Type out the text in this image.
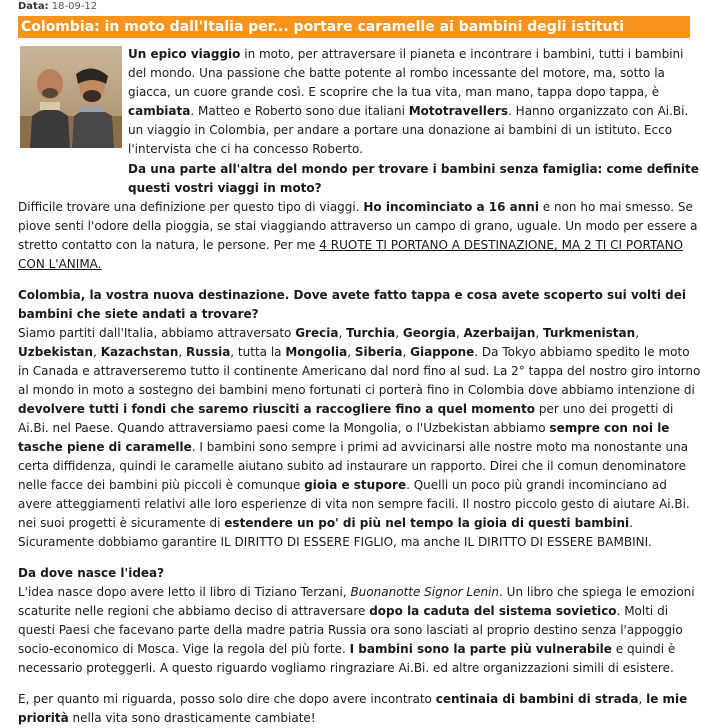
Data: 18-09-12
Colombia: in moto dall'Italia per... portare caramelle ai bambini degli istituti
Un epico viaggio in moto, per attraversare il pianeta e incontrare i bambini, tutti i bambini del mondo. Una passione che batte potente al rombo incessante del motore, ma, sotto la giacca, un cuore grande così. E scoprire che la tua vita, man mano, tappa dopo tappa, è cambiata. Matteo e Roberto sono due italiani Mototravellers. Hanno organizzato con Ai.Bi. un viaggio in Colombia, per andare a portare una donazione ai bambini di un istituto. Ecco l'intervista che ci ha concesso Roberto.
Da una parte all'altra del mondo per trovare i bambini senza famiglia: come definite questi vostri viaggi in moto?
Difficile trovare una definizione per questo tipo di viaggi. Ho incominciato a 16 anni e non ho mai smesso. Se piove senti l'odore della pioggia, se stai viaggiando attraverso un campo di grano, uguale. Un modo per essere a stretto contatto con la natura, le persone. Per me 4 RUOTE TI PORTANO A DESTINAZIONE, MA 2 TI CI PORTANO CON L'ANIMA.
Colombia, la vostra nuova destinazione. Dove avete fatto tappa e cosa avete scoperto sui volti dei bambini che siete andati a trovare?
Siamo partiti dall'Italia, abbiamo attraversato Grecia, Turchia, Georgia, Azerbaijan, Turkmenistan, Uzbekistan, Kazachstan, Russia, tutta la Mongolia, Siberia, Giappone. Da Tokyo abbiamo spedito le moto in Canada e attraverseremo tutto il continente Americano dal nord fino al sud. La 2° tappa del nostro giro intorno al mondo in moto a sostegno dei bambini meno fortunati ci porterà fino in Colombia dove abbiamo intenzione di devolvere tutti i fondi che saremo riusciti a raccogliere fino a quel momento per uno dei progetti di Ai.Bi. nel Paese. Quando attraversiamo paesi come la Mongolia, o l'Uzbekistan abbiamo sempre con noi le tasche piene di caramelle. I bambini sono sempre i primi ad avvicinarsi alle nostre moto ma nonostante una certa diffidenza, quindi le caramelle aiutano subito ad instaurare un rapporto. Direi che il comun denominatore nelle facce dei bambini più piccoli è comunque gioia e stupore. Quelli un poco più grandi incominciano ad avere atteggiamenti relativi alle loro esperienze di vita non sempre facili. Il nostro piccolo gesto di aiutare Ai.Bi. nei suoi progetti è sicuramente di estendere un po' di più nel tempo la gioia di questi bambini. Sicuramente dobbiamo garantire IL DIRITTO DI ESSERE FIGLIO, ma anche IL DIRITTO DI ESSERE BAMBINI.
Da dove nasce l'idea?
L'idea nasce dopo avere letto il libro di Tiziano Terzani, Buonanotte Signor Lenin. Un libro che spiega le emozioni scaturite nelle regioni che abbiamo deciso di attraversare dopo la caduta del sistema sovietico. Molti di questi Paesi che facevano parte della madre patria Russia ora sono lasciati al proprio destino senza l'appoggio socio-economico di Mosca. Vige la regola del più forte. I bambini sono la parte più vulnerabile e quindi è necessario proteggerli. A questo riguardo vogliamo ringraziare Ai.Bi. ed altre organizzazioni simili di esistere.
E, per quanto mi riguarda, posso solo dire che dopo avere incontrato centinaia di bambini di strada, le mie priorità nella vita sono drasticamente cambiate!
